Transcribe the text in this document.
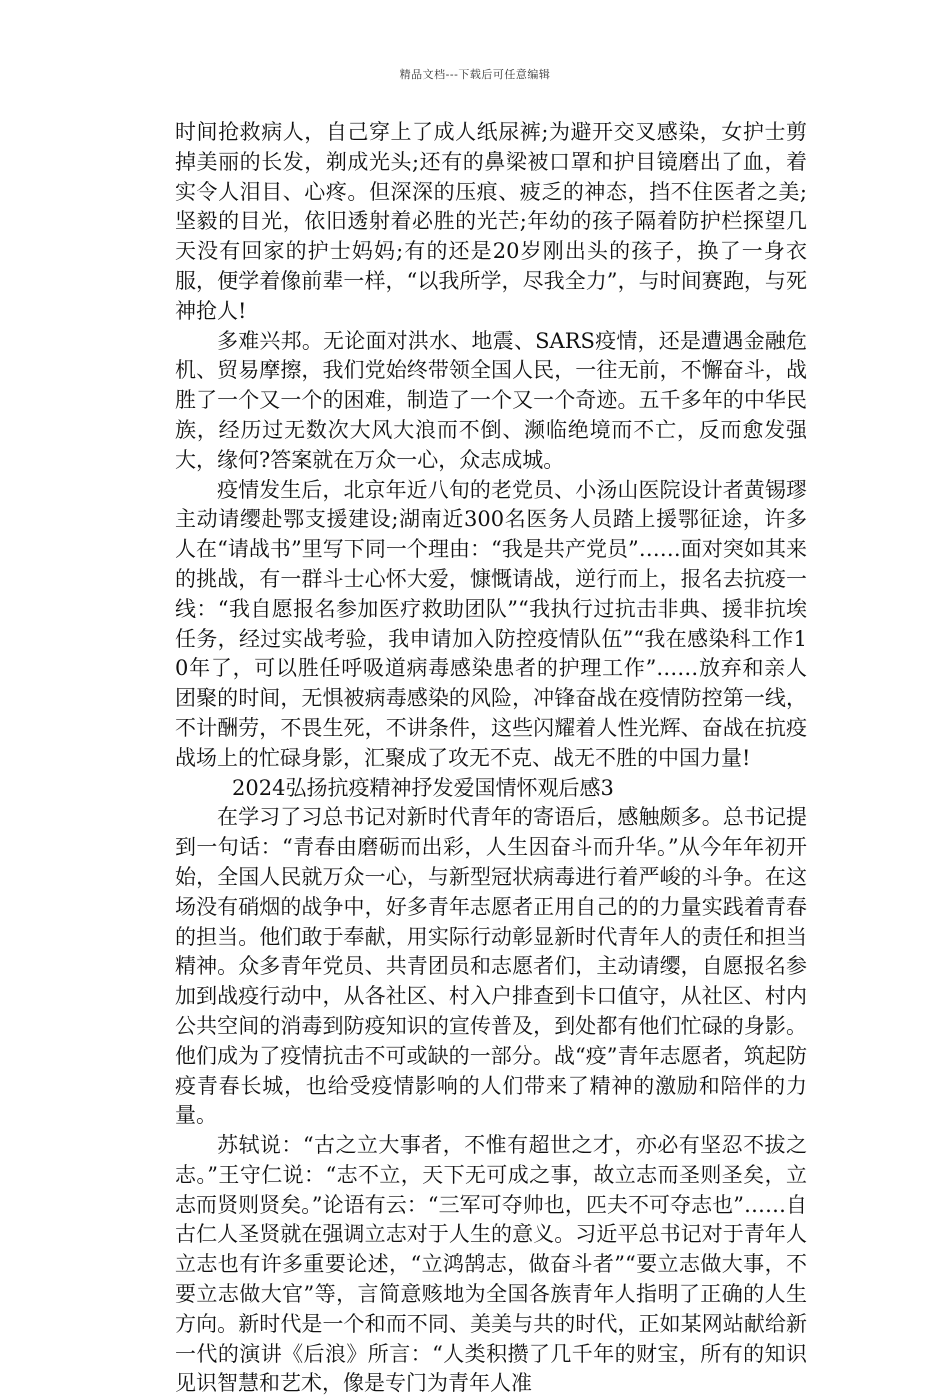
精品文档---下载后可任意编辑

时间抢救病人，自己穿上了成人纸尿裤;为避开交叉感染，女护士剪掉美丽的长发，剃成光头;还有的鼻梁被口罩和护目镜磨出了血，着实令人泪目、心疼。但深深的压痕、疲乏的神态，挡不住医者之美;坚毅的目光，依旧透射着必胜的光芒;年幼的孩子隔着防护栏探望几天没有回家的护士妈妈;有的还是20岁刚出头的孩子，换了一身衣服，便学着像前辈一样，“以我所学，尽我全力”，与时间赛跑，与死神抢人!

多难兴邦。无论面对洪水、地震、SARS疫情，还是遭遇金融危机、贸易摩擦，我们党始终带领全国人民，一往无前，不懈奋斗，战胜了一个又一个的困难，制造了一个又一个奇迹。五千多年的中华民族，经历过无数次大风大浪而不倒、濒临绝境而不亡，反而愈发强大，缘何?答案就在万众一心，众志成城。

疫情发生后，北京年近八旬的老党员、小汤山医院设计者黄锡璆主动请缨赴鄂支援建设;湖南近300名医务人员踏上援鄂征途，许多人在“请战书”里写下同一个理由：“我是共产党员”……面对突如其来的挑战，有一群斗士心怀大爱，慷慨请战，逆行而上，报名去抗疫一线：“我自愿报名参加医疗救助团队”“我执行过抗击非典、援非抗埃任务，经过实战考验，我申请加入防控疫情队伍”“我在感染科工作10年了，可以胜任呼吸道病毒感染患者的护理工作”……放弃和亲人团聚的时间，无惧被病毒感染的风险，冲锋奋战在疫情防控第一线，不计酬劳，不畏生死，不讲条件，这些闪耀着人性光辉、奋战在抗疫战场上的忙碌身影，汇聚成了攻无不克、战无不胜的中国力量!

2024弘扬抗疫精神抒发爱国情怀观后感3

在学习了习总书记对新时代青年的寄语后，感触颇多。总书记提到一句话：“青春由磨砺而出彩，人生因奋斗而升华。”从今年年初开始，全国人民就万众一心，与新型冠状病毒进行着严峻的斗争。在这场没有硝烟的战争中，好多青年志愿者正用自己的的力量实践着青春的担当。他们敢于奉献，用实际行动彰显新时代青年人的责任和担当精神。众多青年党员、共青团员和志愿者们，主动请缨，自愿报名参加到战疫行动中，从各社区、村入户排查到卡口值守，从社区、村内公共空间的消毒到防疫知识的宣传普及，到处都有他们忙碌的身影。他们成为了疫情抗击不可或缺的一部分。战“疫”青年志愿者，筑起防疫青春长城，也给受疫情影响的人们带来了精神的激励和陪伴的力量。

苏轼说：“古之立大事者，不惟有超世之才，亦必有坚忍不拔之志。”王守仁说：“志不立，天下无可成之事，故立志而圣则圣矣，立志而贤则贤矣。”论语有云：“三军可夺帅也，匹夫不可夺志也”……自古仁人圣贤就在强调立志对于人生的意义。习近平总书记对于青年人立志也有许多重要论述，“立鸿鹄志，做奋斗者”“要立志做大事，不要立志做大官”等，言简意赅地为全国各族青年人指明了正确的人生方向。新时代是一个和而不同、美美与共的时代，正如某网站献给新一代的演讲《后浪》所言：“人类积攒了几千年的财宝，所有的知识见识智慧和艺术，像是专门为青年人准
